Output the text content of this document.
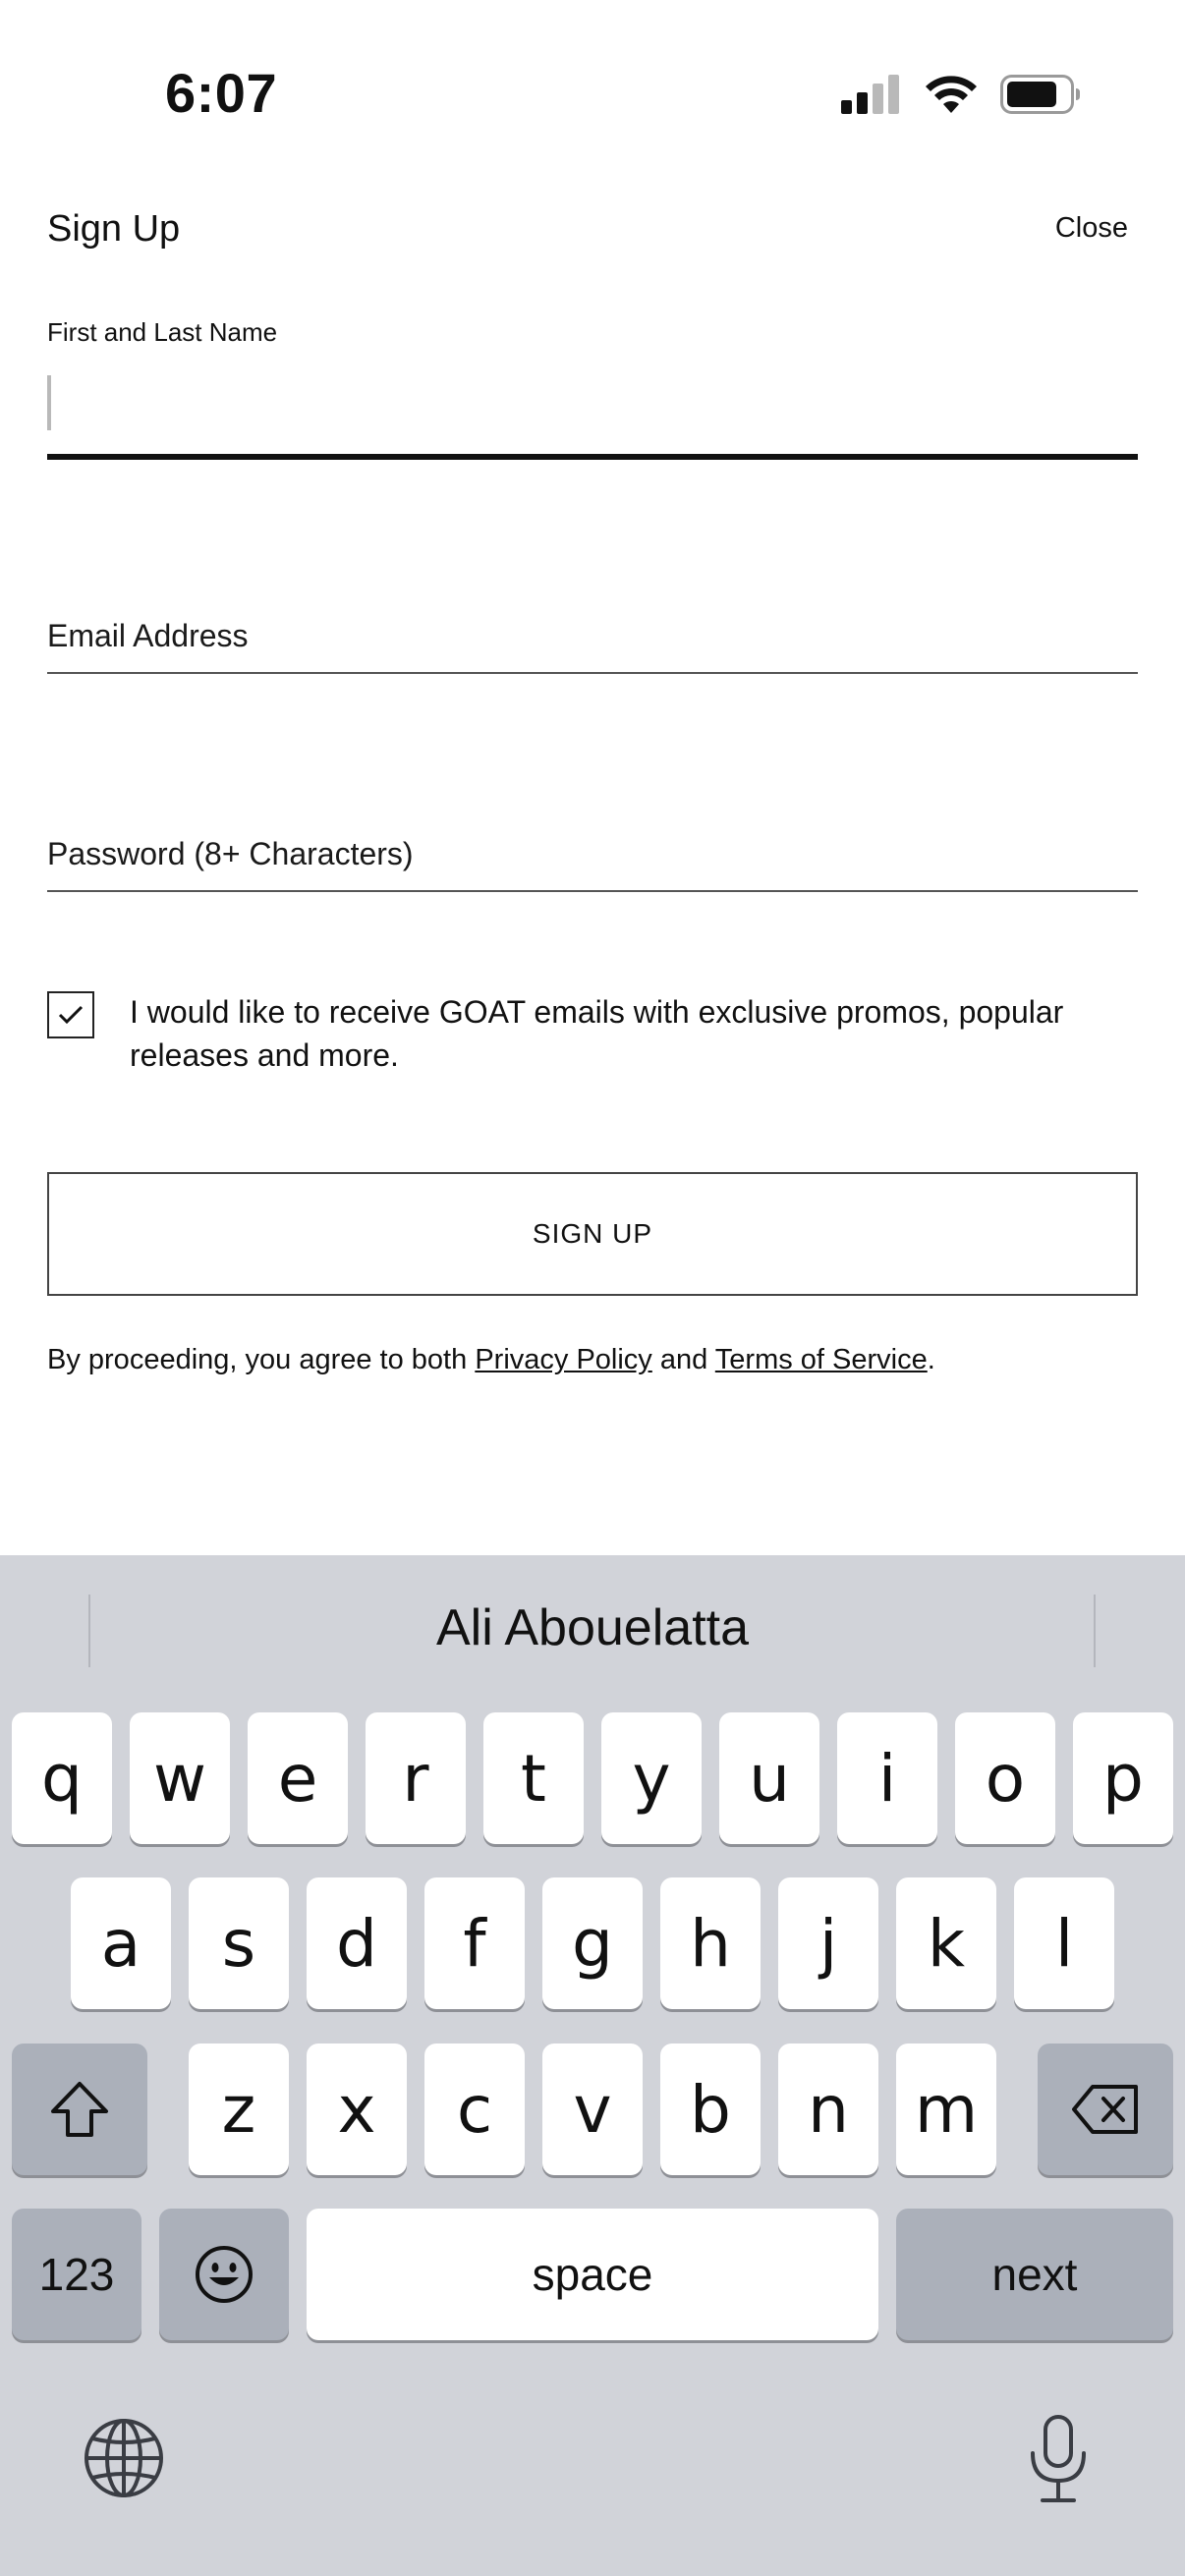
6:07
Sign Up	Close
First and Last Name
Email Address
Password (8+ Characters)
I would like to receive GOAT emails with exclusive promos, popular releases and more.
SIGN UP
By proceeding, you agree to both Privacy Policy and Terms of Service.
Ali Abouelatta
q	w	e	r	t	y	u	i	o	p
a	s	d	f	g	h	j	k	l
z	x	c	v	b	n	m
123	space	next
